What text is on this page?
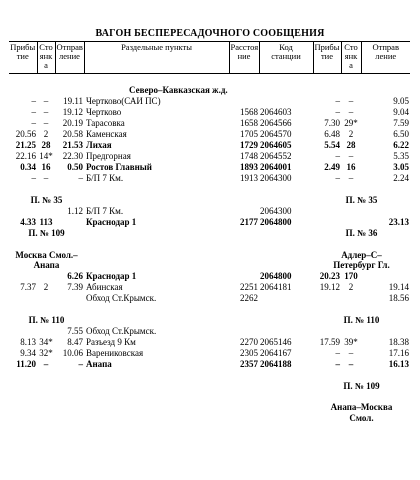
ВАГОН БЕСПЕРЕСАДОЧНОГО СООБЩЕНИЯ
Прибы
тие	Сто
янк
а	Отправ
ление	Раздельные пункты	Расстоя
ние	Код
станции	Прибы
тие	Сто
янк
а	Отправ
ление

Северо–Кавказская ж.д.								
–	–	19.11	Чертково(САИ ПС)			–	–	9.05
–	–	19.12	Чертково	1568	2064603	–	–	9.04
–	–	20.19	Тарасовка	1658	2064566	7.30	29*	7.59
20.56	2	20.58	Каменская	1705	2064570	6.48	2	6.50
21.25	28	21.53	Лихая	1729	2064605	5.54	28	6.22
22.16	14*	22.30	Предгорная	1748	2064552	–	–	5.35
0.34	16	0.50	Ростов Главный	1893	2064001	2.49	16	3.05
–	–	–	Б/П 7 Км.	1913	2064300	–	–	2.24

П. № 35						П. № 35		
		1.12	Б/П 7 Км.		2064300			
4.33	113		Краснодар 1	2177	2064800			23.13
П. № 109						П. № 36		

Москва Смол.–
Анапа						Адлер–С–
Петербург Гл.		
		6.26	Краснодар 1		2064800	20.23	170	
7.37	2	7.39	Абинская	2251	2064181	19.12	2	19.14
			Обход Ст.Крымск.	2262				18.56

П. № 110						П. № 110		
		7.55	Обход Ст.Крымск.					
8.13	34*	8.47	Разъезд 9 Км	2270	2065146	17.59	39*	18.38
9.34	32*	10.06	Варениковская	2305	2064167	–	–	17.16
11.20	–	–	Анапа	2357	2064188	–	–	16.13

						П. № 109		

						Анапа–Москва
Смол.		
